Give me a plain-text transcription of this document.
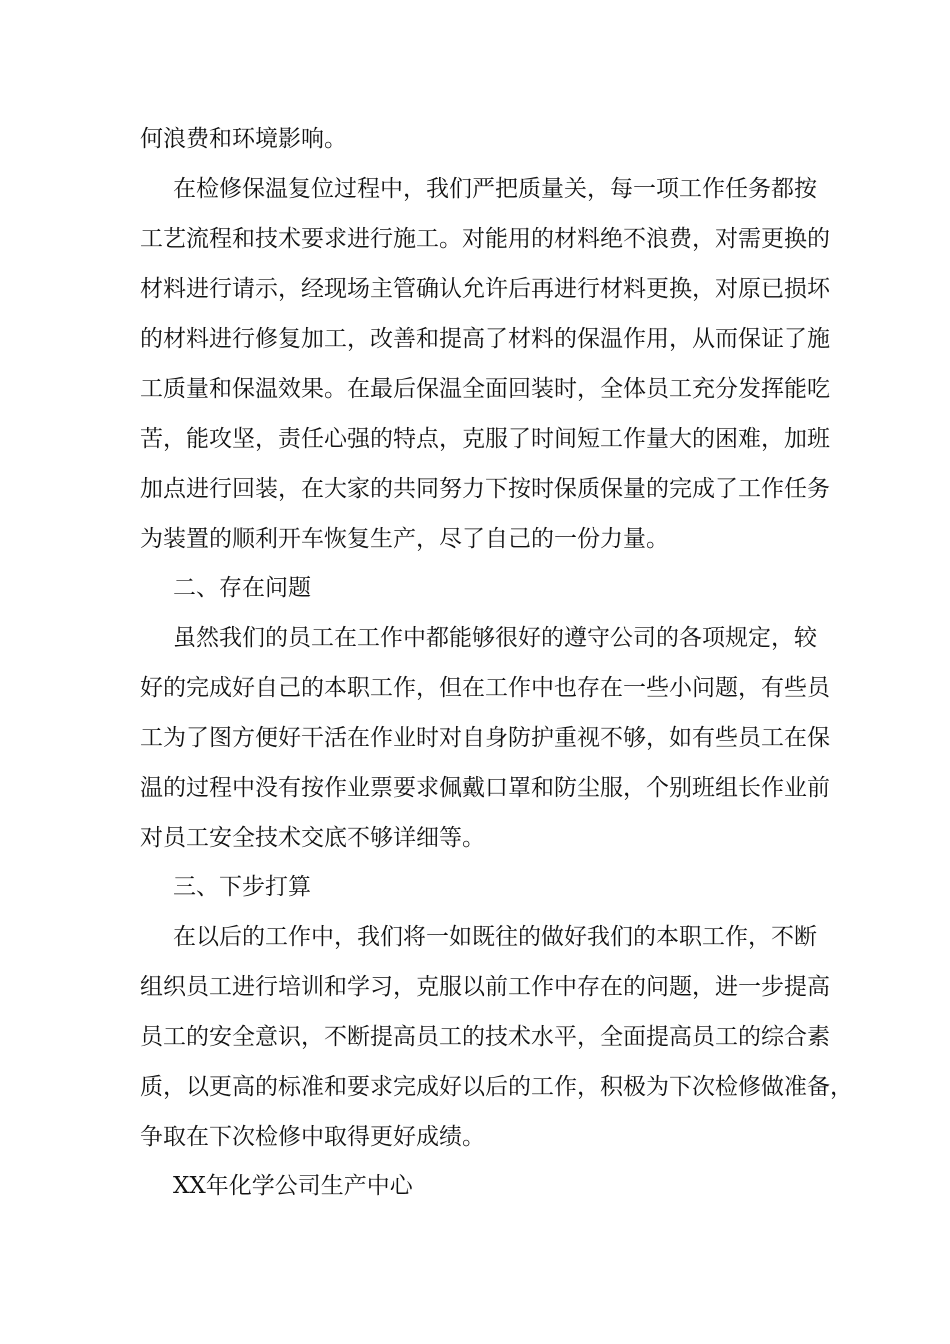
何浪费和环境影响。
在检修保温复位过程中，我们严把质量关，每一项工作任务都按
工艺流程和技术要求进行施工。对能用的材料绝不浪费，对需更换的
材料进行请示，经现场主管确认允许后再进行材料更换，对原已损坏
的材料进行修复加工，改善和提高了材料的保温作用，从而保证了施
工质量和保温效果。在最后保温全面回装时，全体员工充分发挥能吃
苦，能攻坚，责任心强的特点，克服了时间短工作量大的困难，加班
加点进行回装，在大家的共同努力下按时保质保量的完成了工作任务
为装置的顺利开车恢复生产，尽了自己的一份力量。
二、存在问题
虽然我们的员工在工作中都能够很好的遵守公司的各项规定，较
好的完成好自己的本职工作，但在工作中也存在一些小问题，有些员
工为了图方便好干活在作业时对自身防护重视不够，如有些员工在保
温的过程中没有按作业票要求佩戴口罩和防尘服，个别班组长作业前
对员工安全技术交底不够详细等。
三、下步打算
在以后的工作中，我们将一如既往的做好我们的本职工作，不断
组织员工进行培训和学习，克服以前工作中存在的问题，进一步提高
员工的安全意识，不断提高员工的技术水平，全面提高员工的综合素
质，以更高的标准和要求完成好以后的工作，积极为下次检修做准备，
争取在下次检修中取得更好成绩。
XX年化学公司生产中心
